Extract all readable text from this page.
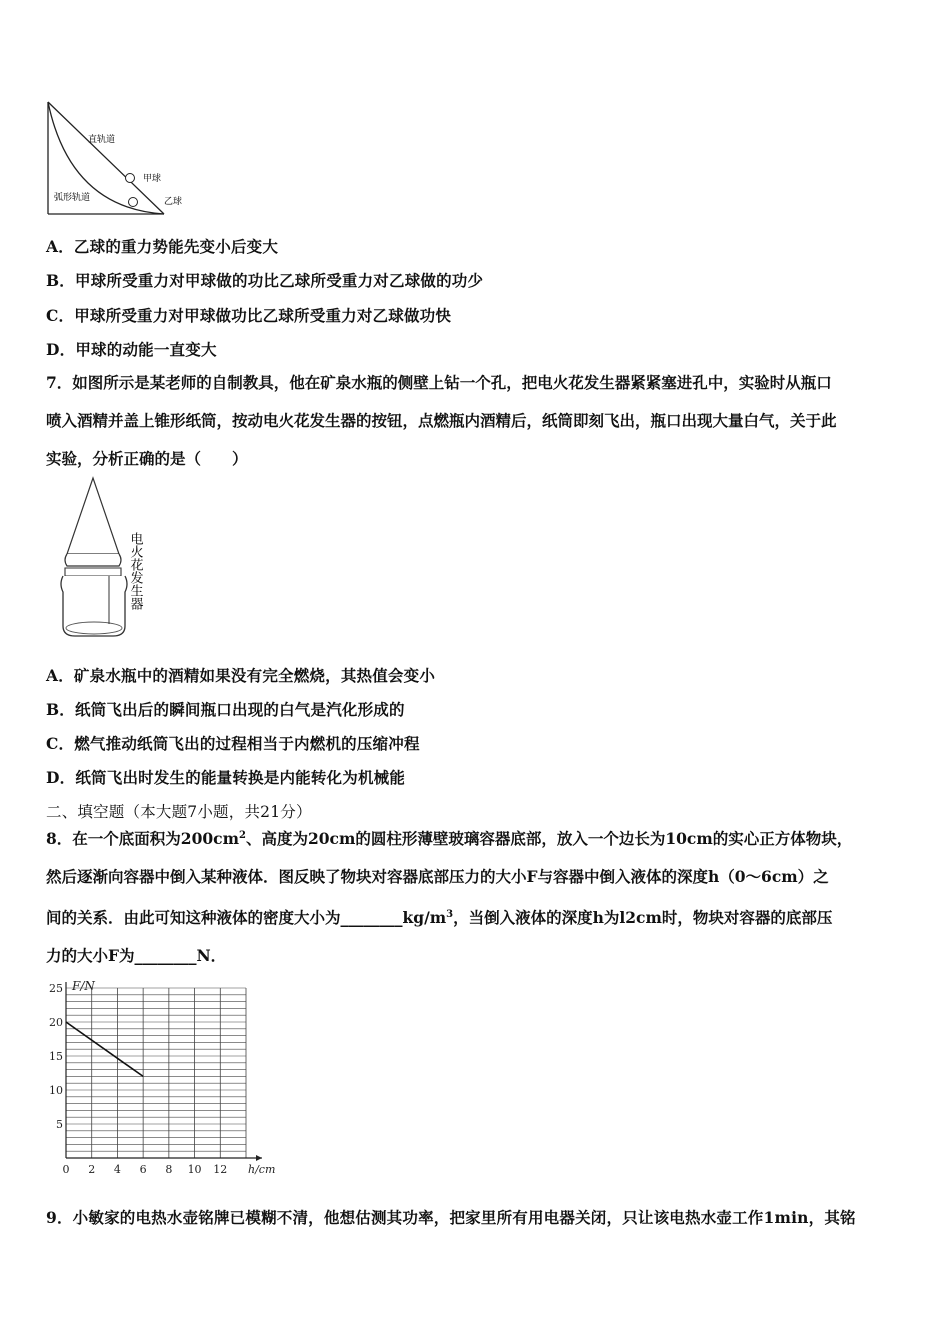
直轨道
甲球
弧形轨道	乙球
A．乙球的重力势能先变小后变大
B．甲球所受重力对甲球做的功比乙球所受重力对乙球做的功少
C．甲球所受重力对甲球做功比乙球所受重力对乙球做功快
D．甲球的动能一直变大
7．如图所示是某老师的自制教具，他在矿泉水瓶的侧壁上钻一个孔，把电火花发生器紧紧塞进孔中，实验时从瓶口
喷入酒精并盖上锥形纸筒，按动电火花发生器的按钮，点燃瓶内酒精后，纸筒即刻飞出，瓶口出现大量白气，关于此
实验，分析正确的是（　　）
电火花发生器
A．矿泉水瓶中的酒精如果没有完全燃烧，其热值会变小
B．纸筒飞出后的瞬间瓶口出现的白气是汽化形成的
C．燃气推动纸筒飞出的过程相当于内燃机的压缩冲程
D．纸筒飞出时发生的能量转换是内能转化为机械能
二、填空题（本大题7小题，共21分）
8．在一个底面积为$200cm^2$、高度为20cm的圆柱形薄壁玻璃容器底部，放入一个边长为10cm的实心正方体物块，
然后逐渐向容器中倒入某种液体．图反映了物块对容器底部压力的大小F与容器中倒入液体的深度h（0～6cm）之
间的关系．由此可知这种液体的密度大小为$\_\_\_\_\_\_\_\_kg/m^3$，当倒入液体的深度h为l2cm时，物块对容器的底部压
力的大小F为________N．
0 2 4 6 8 10 12
5
10
15
20
25 F/N
h/cm
9．小敏家的电热水壶铭牌已模糊不清，他想估测其功率，把家里所有用电器关闭，只让该电热水壶工作1min，其铭
